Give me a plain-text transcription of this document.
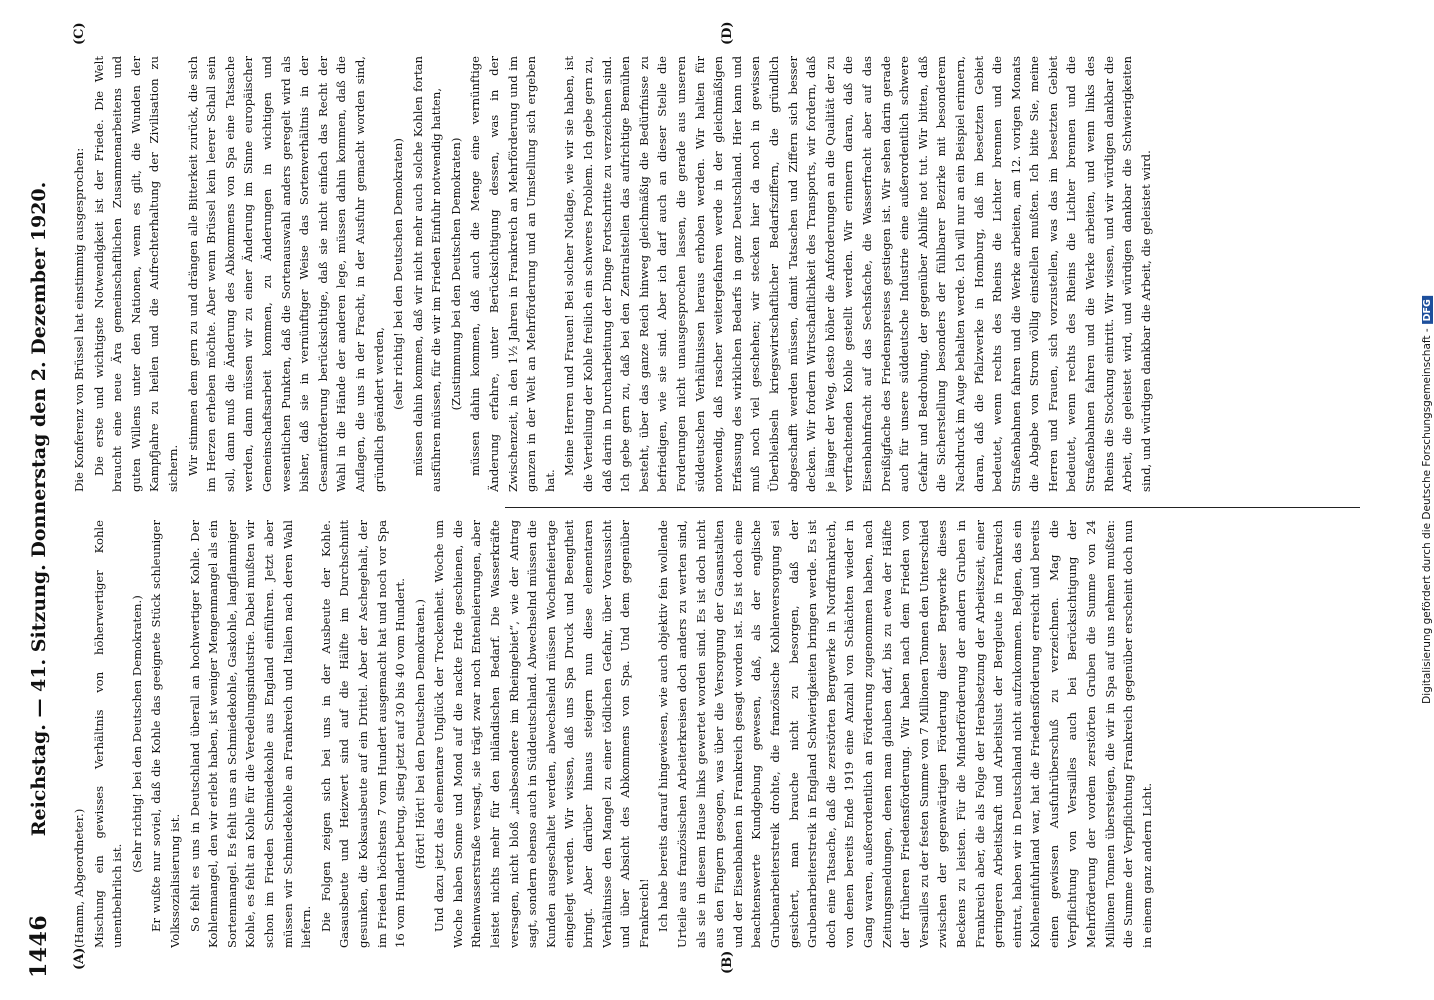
1446
Reichstag. — 41. Sitzung. Donnerstag den 2. Dezember 1920.
(A)	(B)
(C)	(D)

(Hamm, Abgeordneter.) Mischung ein gewisses Verhältnis von höherwertiger Kohle unentbehrlich ist.

(Sehr richtig! bei den Deutschen Demokraten.) Er wußte nur soviel, daß die Kohle das geeignete Stück schleuniger Volkssozialisierung ist. So fehlt es uns in Deutschland überall an hochwertiger Kohle. Der Kohlenmangel, den wir erlebt haben, ist weniger Mengenmangel als ein Sortenmangel. Es fehlt uns an Schmiedekohle, Gaskohle, langflammiger Kohle, es fehlt an Kohle für die Veredelungsindustrie. Dabei mußten wir schon im Frieden Schmiedekohle aus England einführen. Jetzt aber müssen wir Schmiedekohle an Frankreich und Italien nach deren Wahl liefern. Die Folgen zeigen sich bei uns in der Ausbeute der Kohle. Gasausbeute und Heizwert sind auf die Hälfte im Durchschnitt gesunken, die Koksausbeute auf ein Drittel. Aber der Aschegehalt, der im Frieden höchstens 7 vom Hundert ausgemacht hat und noch vor Spa 16 vom Hundert betrug, stieg jetzt auf 30 bis 40 vom Hundert. (Hört! Hört! bei den Deutschen Demokraten.) Und dazu jetzt das elementare Unglück der Trockenheit. Woche um Woche haben Sonne und Mond auf die nackte Erde geschienen, die Rheinwasserstraße versagt, sie trägt zwar noch Entenleierungen, aber leistet nichts mehr für den inländischen Bedarf. Die Wasserkräfte versagen, nicht bloß „insbesondere im Rheingebiet“, wie der Antrag sagt, sondern ebenso auch in Süddeutschland. Abwechselnd müssen die Kunden ausgeschaltet werden, abwechselnd müssen Wochenfeiertage eingelegt werden. Wir wissen, daß uns Spa Druck und Beengtheit bringt. Aber darüber hinaus steigern nun diese elementaren Verhältnisse den Mangel zu einer tödlichen Gefahr, über Voraussicht und über Absicht des Abkommens von Spa. Und dem gegenüber Frankreich! Ich habe bereits darauf hingewiesen, wie auch objektiv fein wollende Urteile aus französischen Arbeiterkreisen doch anders zu werten sind, als sie in diesem Hause links gewertet worden sind. Es ist doch nicht aus den Fingern gesogen, was über die Versorgung der Gasanstalten und der Eisenbahnen in Frankreich gesagt worden ist. Es ist doch eine beachtenswerte Kundgebung gewesen, daß, als der englische Grubenarbeiterstreik drohte, die französische Kohlenversorgung sei gesichert, man brauche nicht zu besorgen, daß der Grubenarbeiterstreik in England Schwierigkeiten bringen werde. Es ist doch eine Tatsache, daß die zerstörten Bergwerke in Nordfrankreich, von denen bereits Ende 1919 eine Anzahl von Schächten wieder in Gang waren, außerordentlich an Förderung zugenommen haben, nach Zeitungsmeldungen, denen man glauben darf, bis zu etwa der Hälfte der früheren Friedensförderung. Wir haben nach dem Frieden von Versailles zu der festen Summe von 7 Millionen Tonnen den Unterschied zwischen der gegenwärtigen Förderung dieser Bergwerke dieses Beckens zu leisten. Für die Minderförderung der andern Gruben in Frankreich aber, die als Folge der Herabsetzung der Arbeitszeit, einer geringeren Arbeitskraft und Arbeitslust der Bergleute in Frankreich eintrat, haben wir in Deutschland nicht aufzukommen. Belgien, das ein Kohleneinfuhrland war, hat die Friedensförderung erreicht und bereits einen gewissen Ausfuhrüberschuß zu verzeichnen. Mag die Verpflichtung von Versailles auch bei Berücksichtigung der Mehrförderung der vordem zerstörten Gruben die Summe von 24 Millionen Tonnen übersteigen, die wir in Spa auf uns nehmen mußten: die Summe der Verpflichtung Frankreich gegenüber erscheint doch nun in einem ganz andern Licht.

Die Konferenz von Brüssel hat einstimmig ausgesprochen: Die erste und wichtigste Notwendigkeit ist der Friede. Die Welt braucht eine neue Ära gemeinschaftlichen Zusammenarbeitens und guten Willens unter den Nationen, wenn es gilt, die Wunden der Kampfjahre zu heilen und die Aufrechterhaltung der Zivilisation zu sichern. Wir stimmen dem gern zu und drängen alle Bitterkeit zurück, die sich im Herzen erheben möchte. Aber wenn Brüssel kein leerer Schall sein soll, dann muß die Änderung des Abkommens von Spa eine Tatsache werden, dann müssen wir zu einer Änderung im Sinne europäischer Gemeinschaftsarbeit kommen, zu Änderungen in wichtigen und wesentlichen Punkten, daß die Sortenauswahl anders geregelt wird als bisher, daß sie in vernünftiger Weise das Sortenverhältnis in der Gesamtförderung berücksichtige, daß sie nicht einfach das Recht der Wahl in die Hände der anderen lege, müssen dahin kommen, daß die Auflagen, die uns in der Fracht, in der Ausfuhr gemacht worden sind, gründlich geändert werden, (sehr richtig! bei den Deutschen Demokraten) müssen dahin kommen, daß wir nicht mehr auch solche Kohlen fortan ausführen müssen, für die wir im Frieden Einfuhr notwendig hatten, (Zustimmung bei den Deutschen Demokraten) müssen dahin kommen, daß auch die Menge eine vernünftige Änderung erfahre, unter Berücksichtigung dessen, was in der Zwischenzeit, in den 1½ Jahren in Frankreich an Mehrförderung und im ganzen in der Welt an Mehrförderung und an Umstellung sich ergeben hat.

Meine Herren und Frauen! Bei solcher Notlage, wie wir sie haben, ist die Verteilung der Kohle freilich ein schweres Problem. Ich gebe gern zu, daß darin in Durcharbeitung der Dinge Fortschritte zu verzeichnen sind. Ich gebe gern zu, daß bei den Zentralstellen das aufrichtige Bemühen besteht, über das ganze Reich hinweg gleichmäßig die Bedürfnisse zu befriedigen, wie sie sind. Aber ich darf auch an dieser Stelle die Forderungen nicht unausgesprochen lassen, die gerade aus unseren süddeutschen Verhältnissen heraus erhoben werden. Wir halten für notwendig, daß rascher weitergefahren werde in der gleichmäßigen Erfassung des wirklichen Bedarfs in ganz Deutschland. Hier kann und muß noch viel geschehen; wir stecken hier da noch in gewissen Überbleibseln kriegswirtschaftlicher Bedarfsziffern, die gründlich abgeschafft werden müssen, damit Tatsachen und Ziffern sich besser decken. Wir fordern Wirtschaftlichkeit des Transports, wir fordern, daß je länger der Weg, desto höher die Anforderungen an die Qualität der zu verfrachtenden Kohle gestellt werden. Wir erinnern daran, daß die Eisenbahnfracht auf das Sechsfache, die Wasserfracht aber auf das Dreißigfache des Friedenspreises gestiegen ist. Wir sehen darin gerade auch für unsere süddeutsche Industrie eine außerordentlich schwere Gefahr und Bedrohung, der gegenüber Abhilfe not tut. Wir bitten, daß die Sicherstellung besonders der fühlbarer Bezirke mit besonderem Nachdruck im Auge behalten werde. Ich will nur an ein Beispiel erinnern, daran, daß die Pfalzwerke in Homburg, daß im besetzten Gebiet bedeutet, wenn rechts des Rheins die Lichter brennen und die Straßenbahnen fahren und die Werke arbeiten, am 12. vorigen Monats die Abgabe von Strom völlig einstellen mußten. Ich bitte Sie, meine Herren und Frauen, sich vorzustellen, was das im besetzten Gebiet bedeutet, wenn rechts des Rheins die Lichter brennen und die Straßenbahnen fahren und die Werke arbeiten, und wenn links des Rheins die Stockung eintritt. Wir wissen, und wir würdigen dankbar die Arbeit, die geleistet wird, und würdigen dankbar die Schwierigkeiten sind, und würdigen dankbar die Arbeit, die geleistet wird.

Digitalisierung gefördert durch die Deutsche Forschungsgemeinschaft -DFG
